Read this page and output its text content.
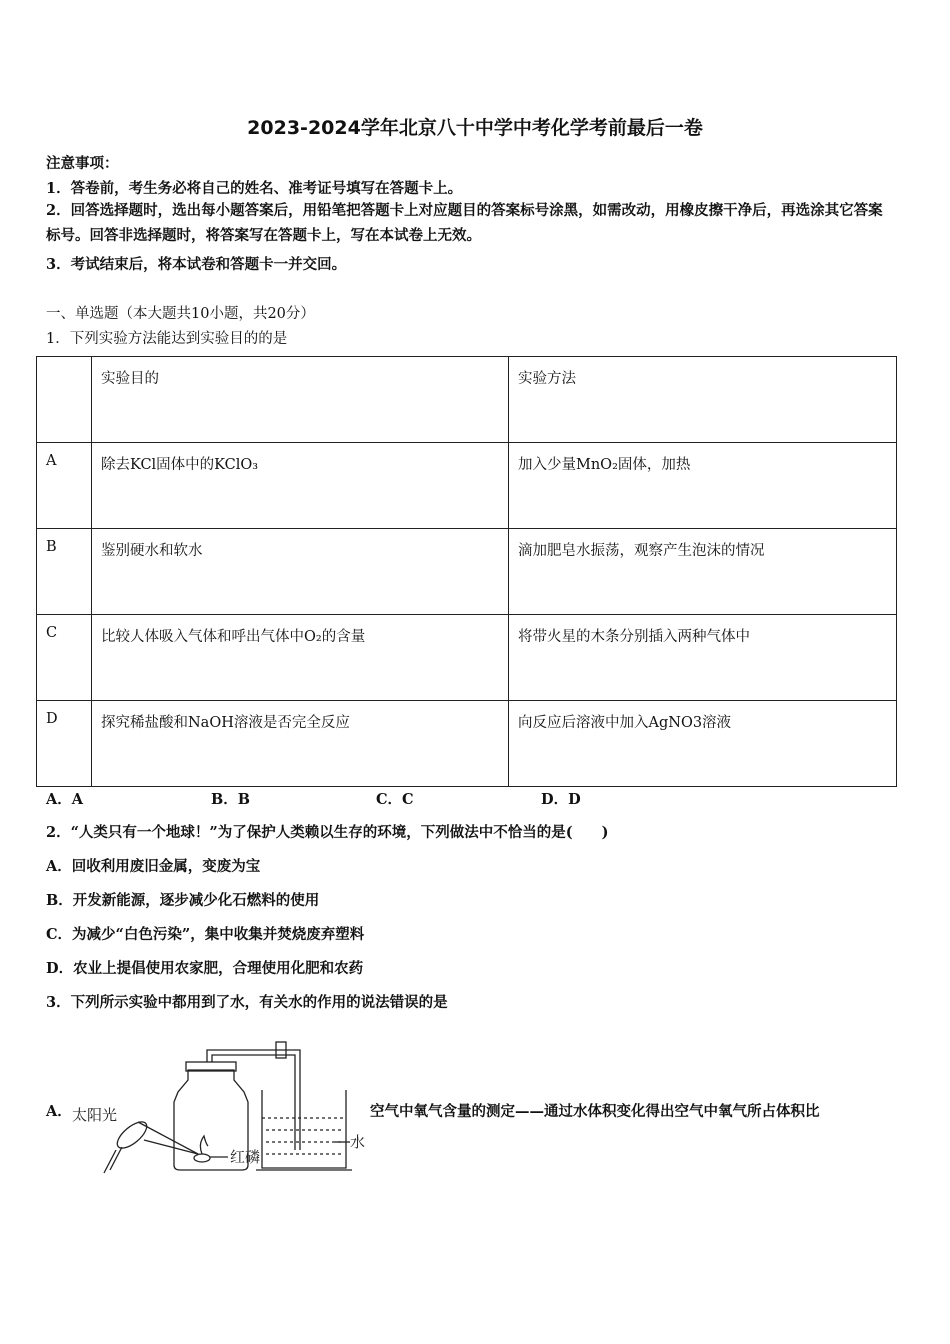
2023-2024学年北京八十中学中考化学考前最后一卷
注意事项：
1．答卷前，考生务必将自己的姓名、准考证号填写在答题卡上。
2．回答选择题时，选出每小题答案后，用铅笔把答题卡上对应题目的答案标号涂黑，如需改动，用橡皮擦干净后，再选涂其它答案标号。回答非选择题时，将答案写在答题卡上，写在本试卷上无效。
3．考试结束后，将本试卷和答题卡一并交回。
一、单选题（本大题共10小题，共20分）
1．下列实验方法能达到实验目的的是
	实验目的	实验方法
A	除去KCl固体中的KClO₃	加入少量MnO₂固体，加热
B	鉴别硬水和软水	滴加肥皂水振荡，观察产生泡沫的情况
C	比较人体吸入气体和呼出气体中O₂的含量	将带火星的木条分别插入两种气体中
D	探究稀盐酸和NaOH溶液是否完全反应	向反应后溶液中加入AgNO3溶液
A．A	B．B	C．C	D．D
2．“人类只有一个地球！”为了保护人类赖以生存的环境，下列做法中不恰当的是(　　)
A．回收利用废旧金属，变废为宝
B．开发新能源，逐步减少化石燃料的使用
C．为减少“白色污染”，集中收集并焚烧废弃塑料
D．农业上提倡使用农家肥，合理使用化肥和农药
3．下列所示实验中都用到了水，有关水的作用的说法错误的是
A． 太阳光
红磷
水
空气中氧气含量的测定——通过水体积变化得出空气中氧气所占体积比
